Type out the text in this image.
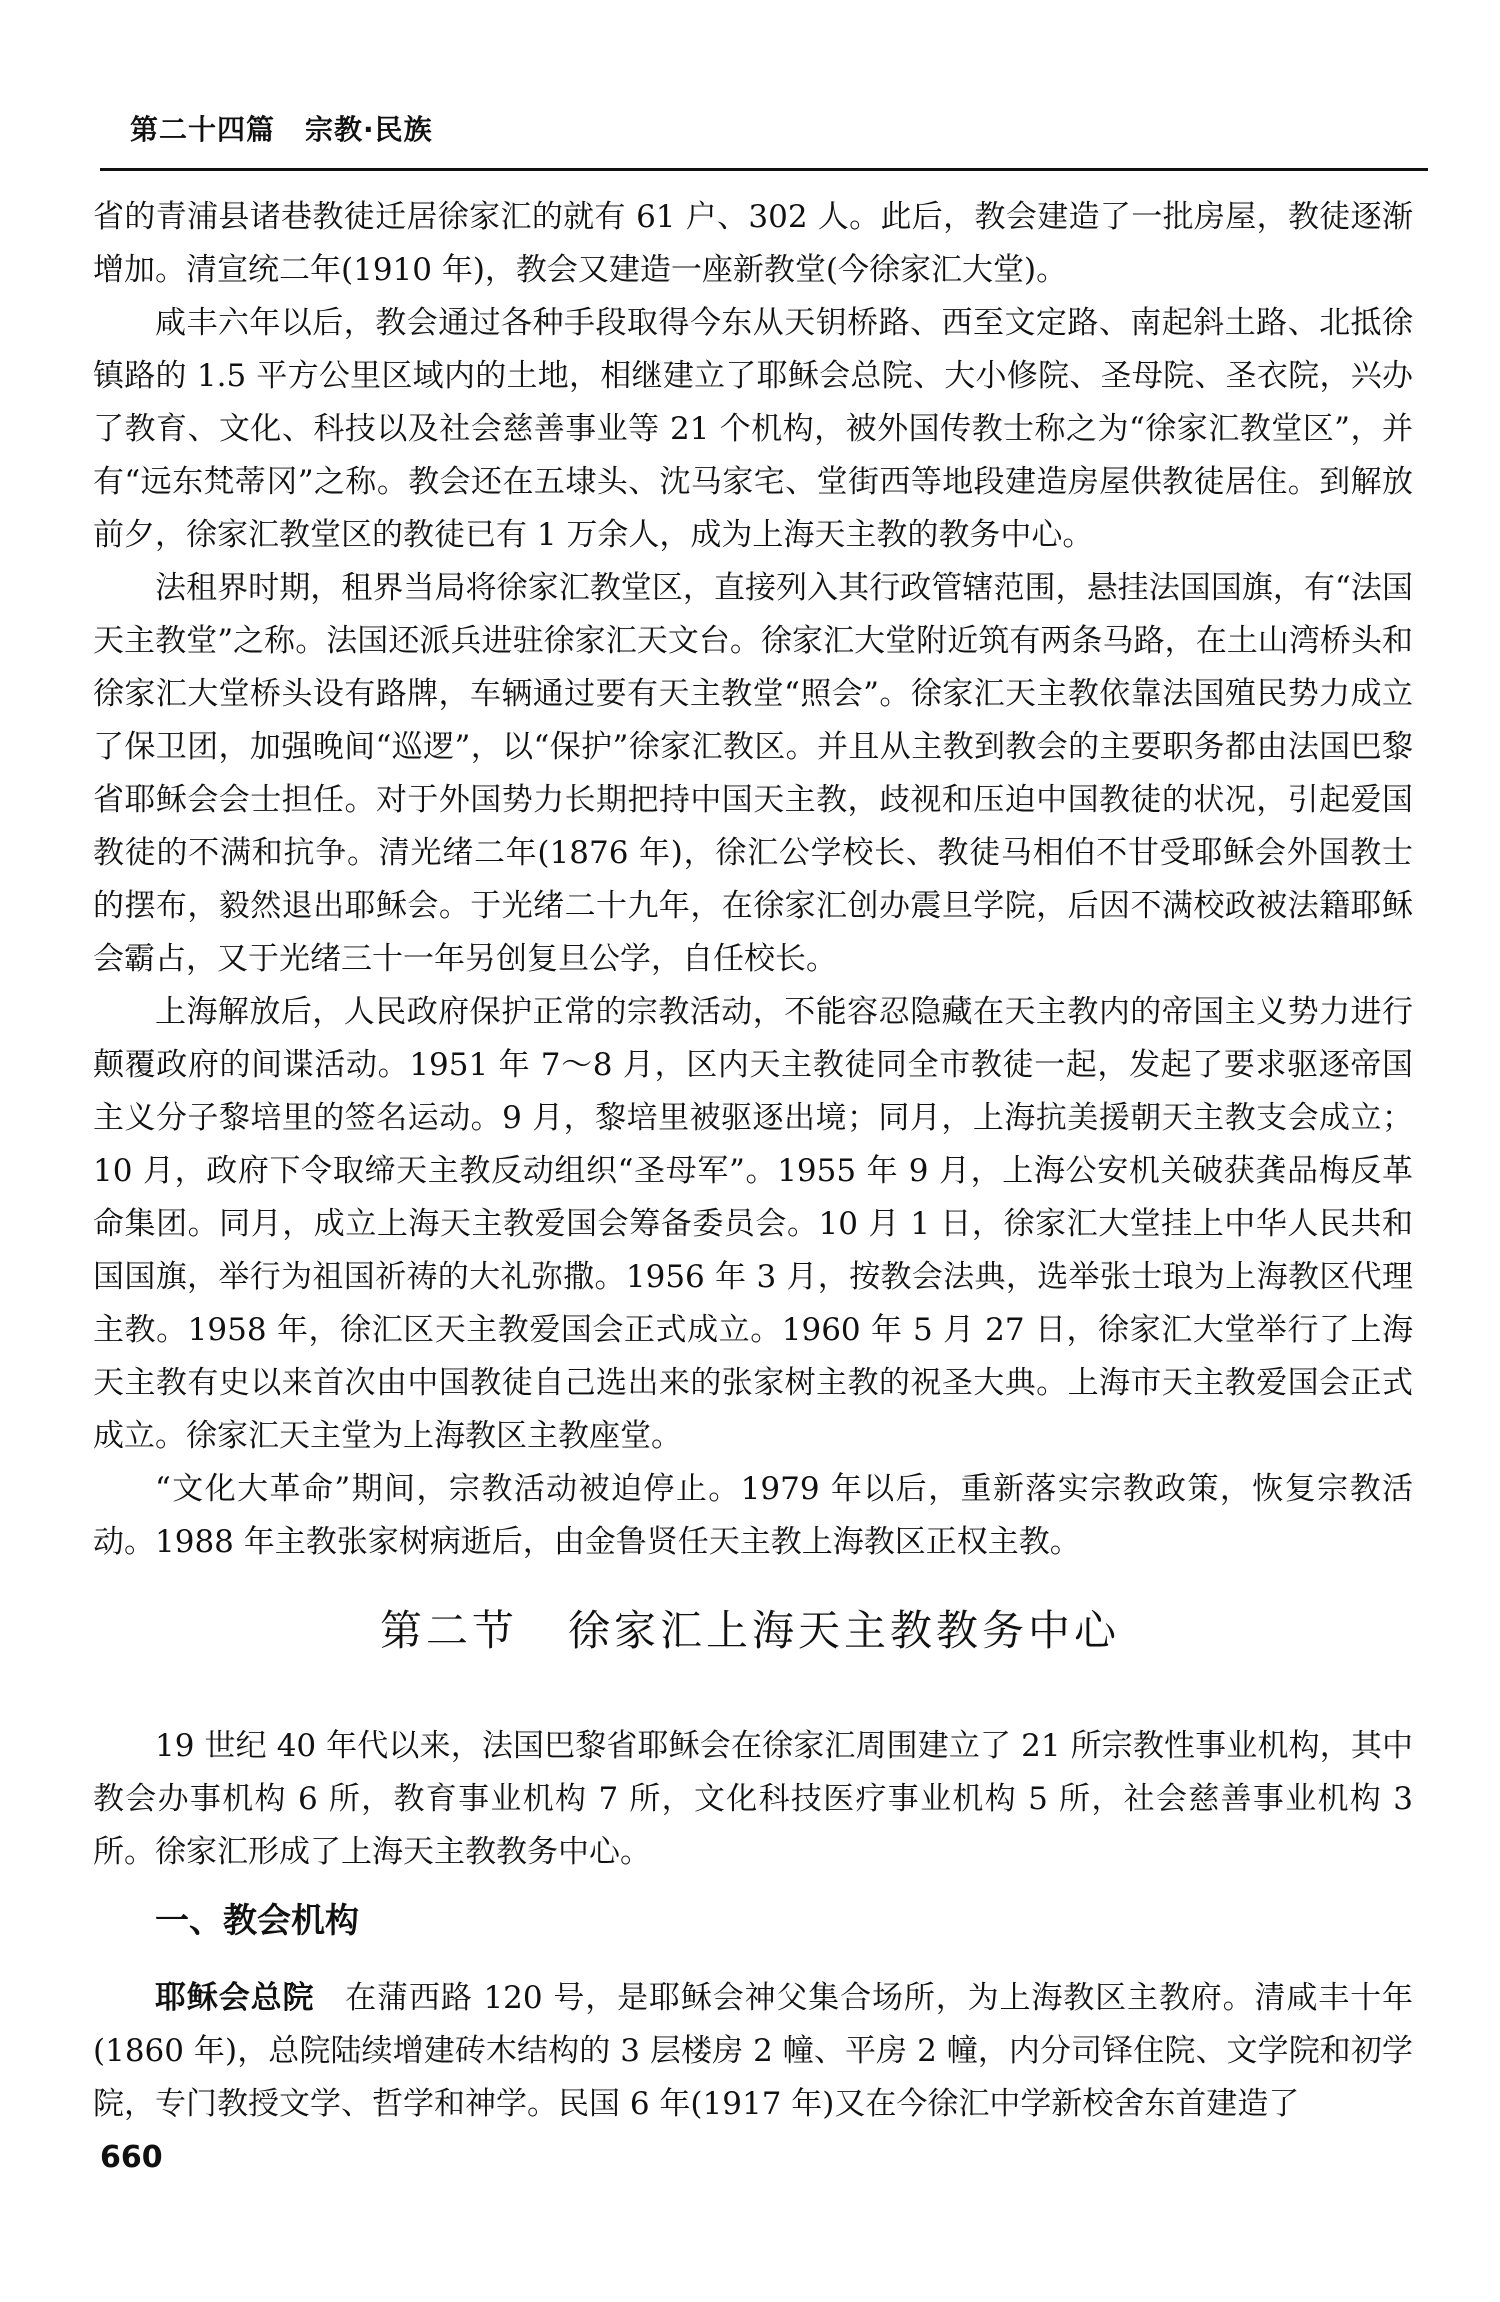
第二十四篇 宗教·民族

省的青浦县诸巷教徒迁居徐家汇的就有 61 户、302 人。此后，教会建造了一批房屋，教徒逐渐增加。清宣统二年(1910 年)，教会又建造一座新教堂(今徐家汇大堂)。

咸丰六年以后，教会通过各种手段取得今东从天钥桥路、西至文定路、南起斜土路、北抵徐镇路的 1.5 平方公里区域内的土地，相继建立了耶稣会总院、大小修院、圣母院、圣衣院，兴办了教育、文化、科技以及社会慈善事业等 21 个机构，被外国传教士称之为“徐家汇教堂区”，并有“远东梵蒂冈”之称。教会还在五埭头、沈马家宅、堂街西等地段建造房屋供教徒居住。到解放前夕，徐家汇教堂区的教徒已有 1 万余人，成为上海天主教的教务中心。

法租界时期，租界当局将徐家汇教堂区，直接列入其行政管辖范围，悬挂法国国旗，有“法国天主教堂”之称。法国还派兵进驻徐家汇天文台。徐家汇大堂附近筑有两条马路，在土山湾桥头和徐家汇大堂桥头设有路牌，车辆通过要有天主教堂“照会”。徐家汇天主教依靠法国殖民势力成立了保卫团，加强晚间“巡逻”，以“保护”徐家汇教区。并且从主教到教会的主要职务都由法国巴黎省耶稣会会士担任。对于外国势力长期把持中国天主教，歧视和压迫中国教徒的状况，引起爱国教徒的不满和抗争。清光绪二年(1876 年)，徐汇公学校长、教徒马相伯不甘受耶稣会外国教士的摆布，毅然退出耶稣会。于光绪二十九年，在徐家汇创办震旦学院，后因不满校政被法籍耶稣会霸占，又于光绪三十一年另创复旦公学，自任校长。

上海解放后，人民政府保护正常的宗教活动，不能容忍隐藏在天主教内的帝国主义势力进行颠覆政府的间谍活动。1951 年 7～8 月，区内天主教徒同全市教徒一起，发起了要求驱逐帝国主义分子黎培里的签名运动。9 月，黎培里被驱逐出境；同月，上海抗美援朝天主教支会成立；10 月，政府下令取缔天主教反动组织“圣母军”。1955 年 9 月，上海公安机关破获龚品梅反革命集团。同月，成立上海天主教爱国会筹备委员会。10 月 1 日，徐家汇大堂挂上中华人民共和国国旗，举行为祖国祈祷的大礼弥撒。1956 年 3 月，按教会法典，选举张士琅为上海教区代理主教。1958 年，徐汇区天主教爱国会正式成立。1960 年 5 月 27 日，徐家汇大堂举行了上海天主教有史以来首次由中国教徒自己选出来的张家树主教的祝圣大典。上海市天主教爱国会正式成立。徐家汇天主堂为上海教区主教座堂。

“文化大革命”期间，宗教活动被迫停止。1979 年以后，重新落实宗教政策，恢复宗教活动。1988 年主教张家树病逝后，由金鲁贤任天主教上海教区正权主教。

第二节 徐家汇上海天主教教务中心

19 世纪 40 年代以来，法国巴黎省耶稣会在徐家汇周围建立了 21 所宗教性事业机构，其中教会办事机构 6 所，教育事业机构 7 所，文化科技医疗事业机构 5 所，社会慈善事业机构 3 所。徐家汇形成了上海天主教教务中心。

一、教会机构

耶稣会总院 在蒲西路 120 号，是耶稣会神父集合场所，为上海教区主教府。清咸丰十年(1860 年)，总院陆续增建砖木结构的 3 层楼房 2 幢、平房 2 幢，内分司铎住院、文学院和初学院，专门教授文学、哲学和神学。民国 6 年(1917 年)又在今徐汇中学新校舍东首建造了

660
